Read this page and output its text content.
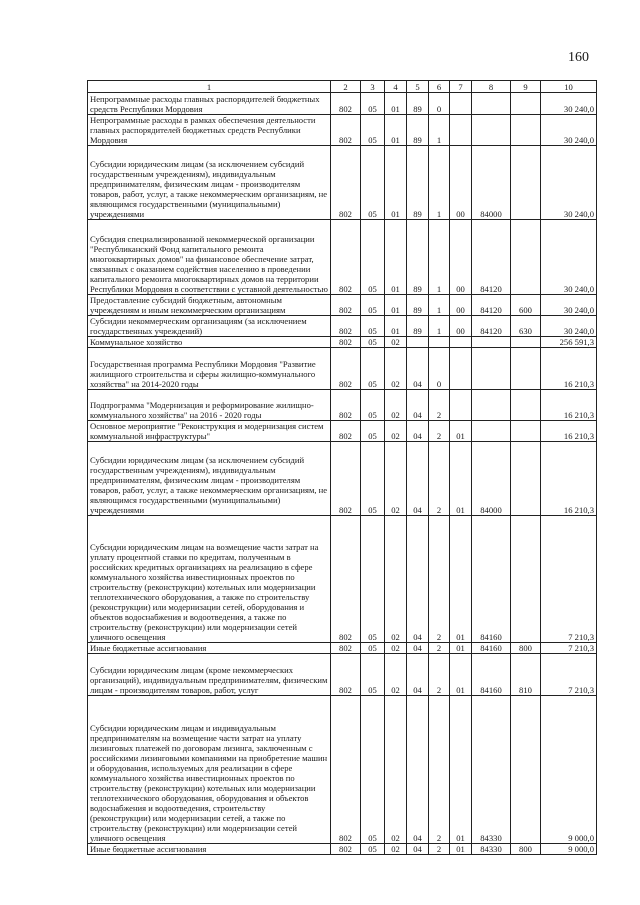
160
1	2	3	4	5	6	7	8	9	10
Непрограммные расходы главных распорядителей бюджетных средств Республики Мордовия	802	05	01	89	0				30 240,0
Непрограммные расходы в рамках обеспечения деятельности главных распорядителей бюджетных средств Республики Мордовия	802	05	01	89	1				30 240,0
Субсидии юридическим лицам (за исключением субсидий государственным учреждениям), индивидуальным предпринимателям, физическим лицам - производителям товаров, работ, услуг, а также некоммерческим организациям, не являющимся государственными (муниципальными) учреждениями	802	05	01	89	1	00	84000		30 240,0
Субсидия специализированной некоммерческой организации "Республиканский Фонд капитального ремонта многоквартирных домов" на финансовое обеспечение затрат, связанных с оказанием содействия населению в проведении капитального ремонта многоквартирных домов на территории Республики Мордовия в соответствии с уставной деятельностью	802	05	01	89	1	00	84120		30 240,0
Предоставление субсидий бюджетным, автономным учреждениям и иным некоммерческим организациям	802	05	01	89	1	00	84120	600	30 240,0
Субсидии некоммерческим организациям (за исключением государственных учреждений)	802	05	01	89	1	00	84120	630	30 240,0
Коммунальное хозяйство	802	05	02						256 591,3
Государственная программа Республики Мордовия "Развитие жилищного строительства и сферы жилищно-коммунального хозяйства" на 2014-2020 годы	802	05	02	04	0				16 210,3
Подпрограмма "Модернизация и реформирование жилищно-коммунального хозяйства" на 2016 - 2020 годы	802	05	02	04	2				16 210,3
Основное мероприятие "Реконструкция и модернизация систем коммунальной инфраструктуры"	802	05	02	04	2	01			16 210,3
Субсидии юридическим лицам (за исключением субсидий государственным учреждениям), индивидуальным предпринимателям, физическим лицам - производителям товаров, работ, услуг, а также некоммерческим организациям, не являющимся государственными (муниципальными) учреждениями	802	05	02	04	2	01	84000		16 210,3
Субсидии юридическим лицам на возмещение части затрат на уплату процентной ставки по кредитам, полученным в российских кредитных организациях на реализацию в сфере коммунального хозяйства инвестиционных проектов по строительству (реконструкции) котельных или модернизации теплотехнического оборудования, а также по строительству (реконструкции) или модернизации сетей, оборудования и объектов водоснабжения и водоотведения, а также по строительству (реконструкции) или модернизации сетей уличного освещения	802	05	02	04	2	01	84160		7 210,3
Иные бюджетные ассигнования	802	05	02	04	2	01	84160	800	7 210,3
Субсидии юридическим лицам (кроме некоммерческих организаций), индивидуальным предпринимателям, физическим лицам - производителям товаров, работ, услуг	802	05	02	04	2	01	84160	810	7 210,3
Субсидии юридическим лицам и индивидуальным предпринимателям на возмещение части затрат на уплату лизинговых платежей по договорам лизинга, заключенным с российскими лизинговыми компаниями на приобретение машин и оборудования, используемых для реализации в сфере коммунального хозяйства инвестиционных проектов по строительству (реконструкции) котельных или модернизации теплотехнического оборудования, оборудования и объектов водоснабжения и водоотведения, строительству (реконструкции) или модернизации сетей, а также по строительству (реконструкции) или модернизации сетей уличного освещения	802	05	02	04	2	01	84330		9 000,0
Иные бюджетные ассигнования	802	05	02	04	2	01	84330	800	9 000,0
